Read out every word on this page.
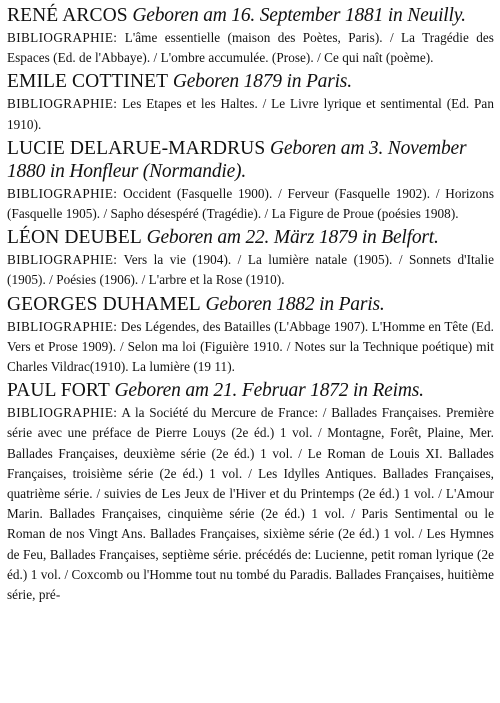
RENÉ ARCOS Geboren am 16. September 1881 in Neuilly.
BIBLIOGRAPHIE: L'âme essentielle (maison des Poètes, Paris). / La Tragédie des Espaces (Ed. de l'Abbaye). / L'ombre accumulée. (Prose). / Ce qui naît (poème).
EMILE COTTINET Geboren 1879 in Paris.
BIBLIOGRAPHIE: Les Etapes et les Haltes. / Le Livre lyrique et sentimental (Ed. Pan 1910).
LUCIE DELARUE-MARDRUS Geboren am 3. November 1880 in Honfleur (Normandie).
BIBLIOGRAPHIE: Occident (Fasquelle 1900). / Ferveur (Fasquelle 1902). / Horizons (Fasquelle 1905). / Sapho désespéré (Tragédie). / La Figure de Proue (poésies 1908).
LÉON DEUBEL Geboren am 22. März 1879 in Belfort.
BIBLIOGRAPHIE: Vers la vie (1904). / La lumière natale (1905). / Sonnets d'Italie (1905). / Poésies (1906). / L'arbre et la Rose (1910).
GEORGES DUHAMEL Geboren 1882 in Paris.
BIBLIOGRAPHIE: Des Légendes, des Batailles (L'Abbage 1907). L'Homme en Tête (Ed. Vers et Prose 1909). / Selon ma loi (Figuière 1910. / Notes sur la Technique poétique) mit Charles Vildrac(1910). La lumière (19 11).
PAUL FORT Geboren am 21. Februar 1872 in Reims.
BIBLIOGRAPHIE: A la Société du Mercure de France: / Ballades Françaises. Première série avec une préface de Pierre Louys (2e éd.) 1 vol. / Montagne, Forêt, Plaine, Mer. Ballades Françaises, deuxième série (2e éd.) 1 vol. / Le Roman de Louis XI. Ballades Françaises, troisième série (2e éd.) 1 vol. / Les Idylles Antiques. Ballades Françaises, quatrième série. / suivies de Les Jeux de l'Hiver et du Printemps (2e éd.) 1 vol. / L'Amour Marin. Ballades Françaises, cinquième série (2e éd.) 1 vol. / Paris Sentimental ou le Roman de nos Vingt Ans. Ballades Françaises, sixième série (2e éd.) 1 vol. / Les Hymnes de Feu, Ballades Françaises, septième série. précédés de: Lucienne, petit roman lyrique (2e éd.) 1 vol. / Coxcomb ou l'Homme tout nu tombé du Paradis. Ballades Françaises, huitième série, pré-
